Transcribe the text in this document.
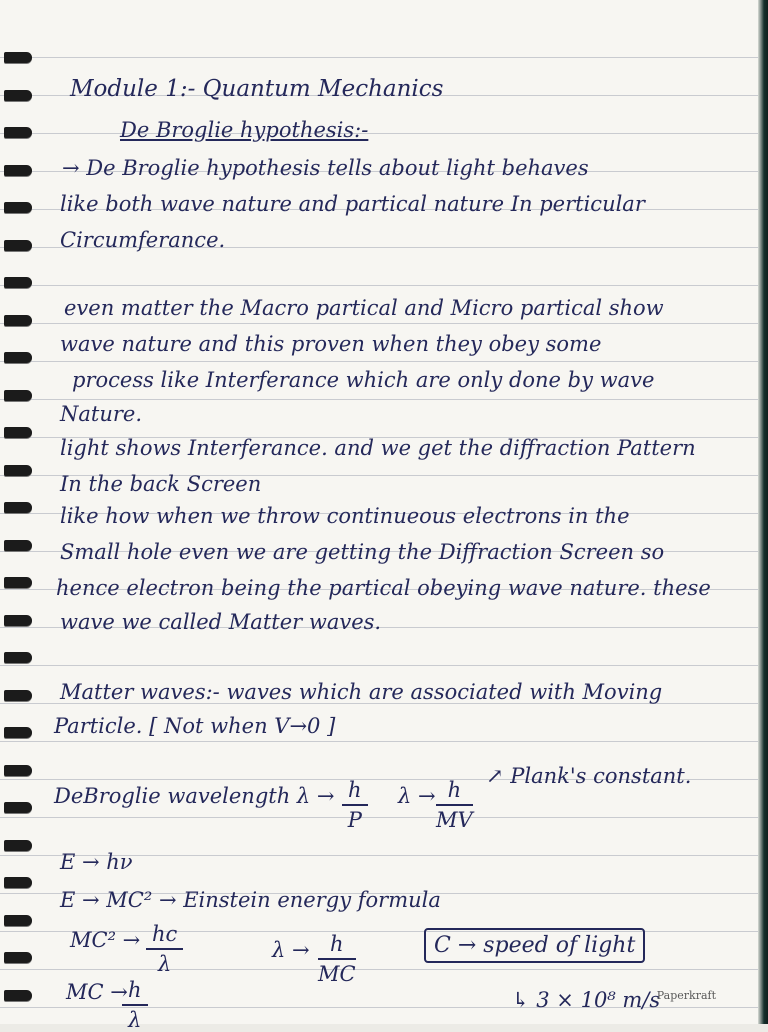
Module 1:- Quantum Mechanics
De Broglie hypothesis:-
→ De Broglie hypothesis tells about light behaves
like both wave nature and partical nature In perticular
Circumferance.
even matter the Macro partical and Micro partical show
wave nature and this proven when they obey some
process like Interferance which are only done by wave
Nature.
light shows Interferance. and we get the diffraction Pattern
In the back Screen
like how when we throw continueous electrons in the
Small hole even we are getting the Diffraction Screen so
hence electron being the partical obeying wave nature. these
wave we called Matter waves.
Matter waves:- waves which are associated with Moving
Particle. [ Not when V→0 ]
DeBroglie wavelength $\lambda \to \frac{h}{P}$ $\lambda \to \frac{h}{MV}$
↗ Plank's constant.
E → hν
E → MC² → Einstein energy formula
$MC^2 \to \frac{hc}{\lambda}$	$\lambda \to \frac{h}{MC}$	C → speed of light
↳ 3 × 10⁸ m/s
MC →
$\frac{h}{\lambda}$	Paperkraft
